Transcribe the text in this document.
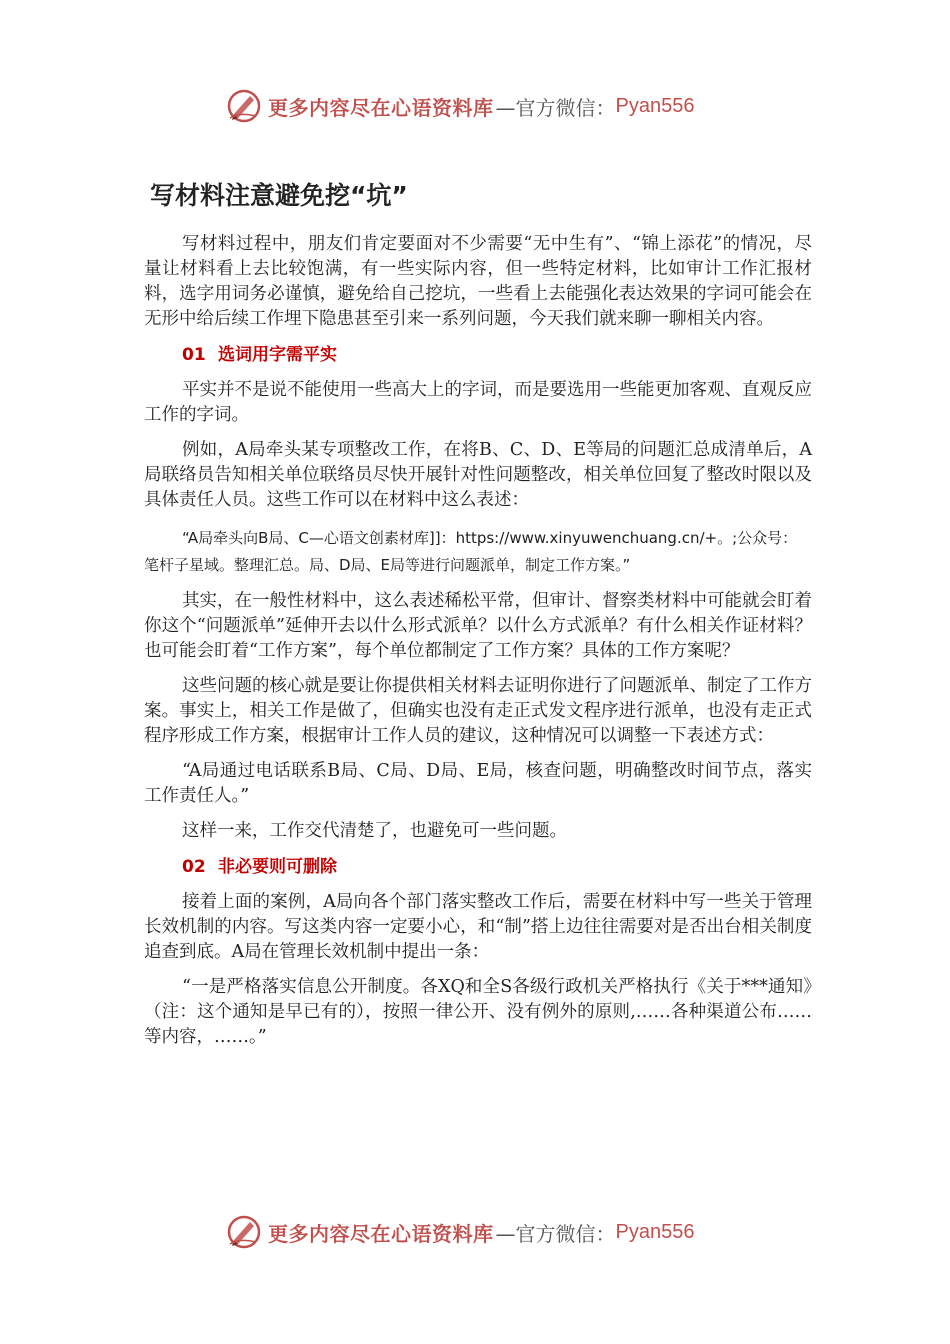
更多内容尽在心语资料库 —官方微信： Pyan556
写材料注意避免挖“坑”

写材料过程中，朋友们肯定要面对不少需要“无中生有”、“锦上添花”的情况，尽量让材料看上去比较饱满，有一些实际内容，但一些特定材料，比如审计工作汇报材料，选字用词务必谨慎，避免给自己挖坑，一些看上去能强化表达效果的字词可能会在无形中给后续工作埋下隐患甚至引来一系列问题，今天我们就来聊一聊相关内容。

01 选词用字需平实

平实并不是说不能使用一些高大上的字词，而是要选用一些能更加客观、直观反应工作的字词。

例如，A局牵头某专项整改工作，在将B、C、D、E等局的问题汇总成清单后，A局联络员告知相关单位联络员尽快开展针对性问题整改，相关单位回复了整改时限以及具体责任人员。这些工作可以在材料中这么表述：

“A局牵头向B局、C—心语文创素材库]]：https://www.xinyuwenchuang.cn/+。;公众号：
笔杆子星域。整理汇总。局、D局、E局等进行问题派单，制定工作方案。”

其实，在一般性材料中，这么表述稀松平常，但审计、督察类材料中可能就会盯着你这个“问题派单”延伸开去以什么形式派单？以什么方式派单？有什么相关作证材料？也可能会盯着“工作方案”，每个单位都制定了工作方案？具体的工作方案呢？

这些问题的核心就是要让你提供相关材料去证明你进行了问题派单、制定了工作方案。事实上，相关工作是做了，但确实也没有走正式发文程序进行派单，也没有走正式程序形成工作方案，根据审计工作人员的建议，这种情况可以调整一下表述方式：

“A局通过电话联系B局、C局、D局、E局，核查问题，明确整改时间节点，落实工作责任人。”

这样一来，工作交代清楚了，也避免可一些问题。

02 非必要则可删除

接着上面的案例，A局向各个部门落实整改工作后，需要在材料中写一些关于管理长效机制的内容。写这类内容一定要小心，和“制”搭上边往往需要对是否出台相关制度追查到底。A局在管理长效机制中提出一条：

“一是严格落实信息公开制度。各XQ和全S各级行政机关严格执行《关于***通知》（注：这个通知是早已有的），按照一律公开、没有例外的原则,……各种渠道公布……等内容，……。”

更多内容尽在心语资料库 —官方微信： Pyan556
